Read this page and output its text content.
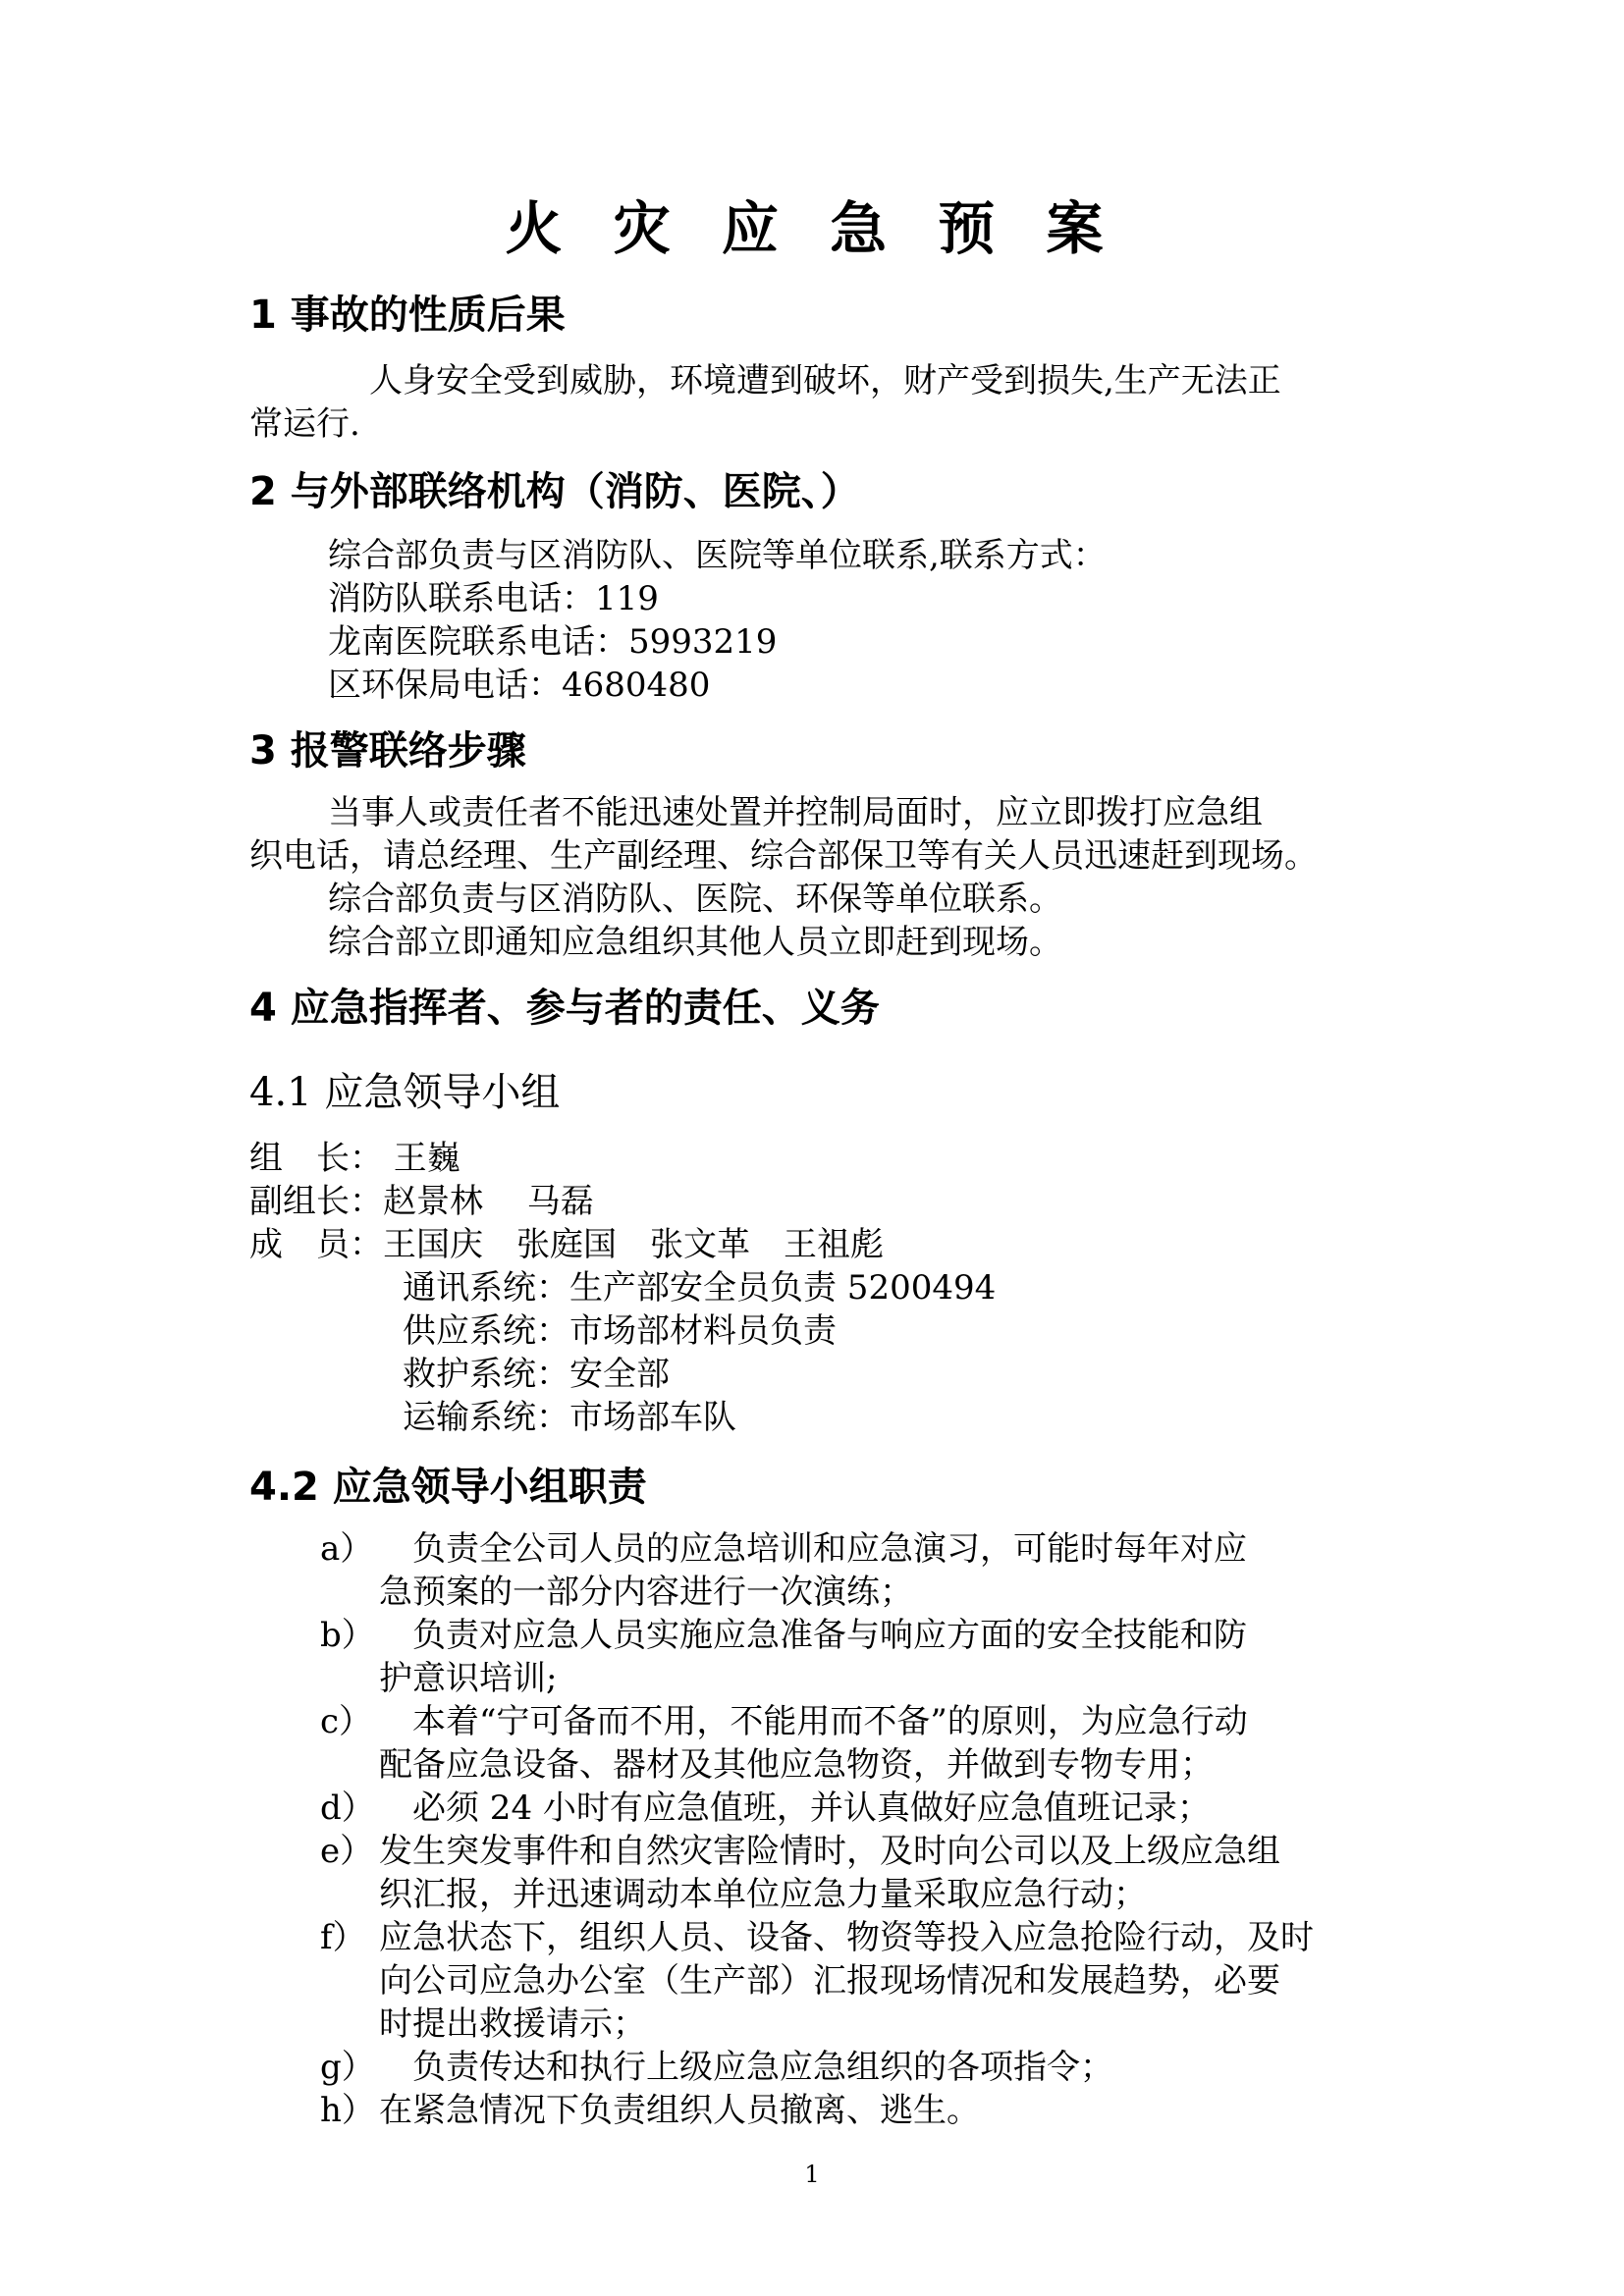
火 灾 应 急 预 案
1 事故的性质后果
人身安全受到威胁，环境遭到破坏，财产受到损失,生产无法正
常运行.
2 与外部联络机构（消防、医院、）
综合部负责与区消防队、医院等单位联系,联系方式：
消防队联系电话：119
龙南医院联系电话：5993219
区环保局电话：4680480
3 报警联络步骤
当事人或责任者不能迅速处置并控制局面时，应立即拨打应急组
织电话，请总经理、生产副经理、综合部保卫等有关人员迅速赶到现场。
综合部负责与区消防队、医院、环保等单位联系。
综合部立即通知应急组织其他人员立即赶到现场。
4 应急指挥者、参与者的责任、义务
4.1 应急领导小组
组　长： 王巍
副组长：赵景林　 马磊
成　员：王国庆　张庭国　张文革　王祖彪
通讯系统：生产部安全员负责 5200494
供应系统：市场部材料员负责
救护系统：安全部
运输系统：市场部车队
4.2 应急领导小组职责
a） 　负责全公司人员的应急培训和应急演习，可能时每年对应
急预案的一部分内容进行一次演练；
b） 　负责对应急人员实施应急准备与响应方面的安全技能和防
护意识培训;
c） 　本着“宁可备而不用，不能用而不备”的原则，为应急行动
配备应急设备、器材及其他应急物资，并做到专物专用；
d） 　必须 24 小时有应急值班，并认真做好应急值班记录；
e） 发生突发事件和自然灾害险情时，及时向公司以及上级应急组
织汇报，并迅速调动本单位应急力量采取应急行动；
f） 应急状态下，组织人员、设备、物资等投入应急抢险行动，及时
向公司应急办公室（生产部）汇报现场情况和发展趋势，必要
时提出救援请示；
g） 　负责传达和执行上级应急应急组织的各项指令；
h） 在紧急情况下负责组织人员撤离、逃生。
1
